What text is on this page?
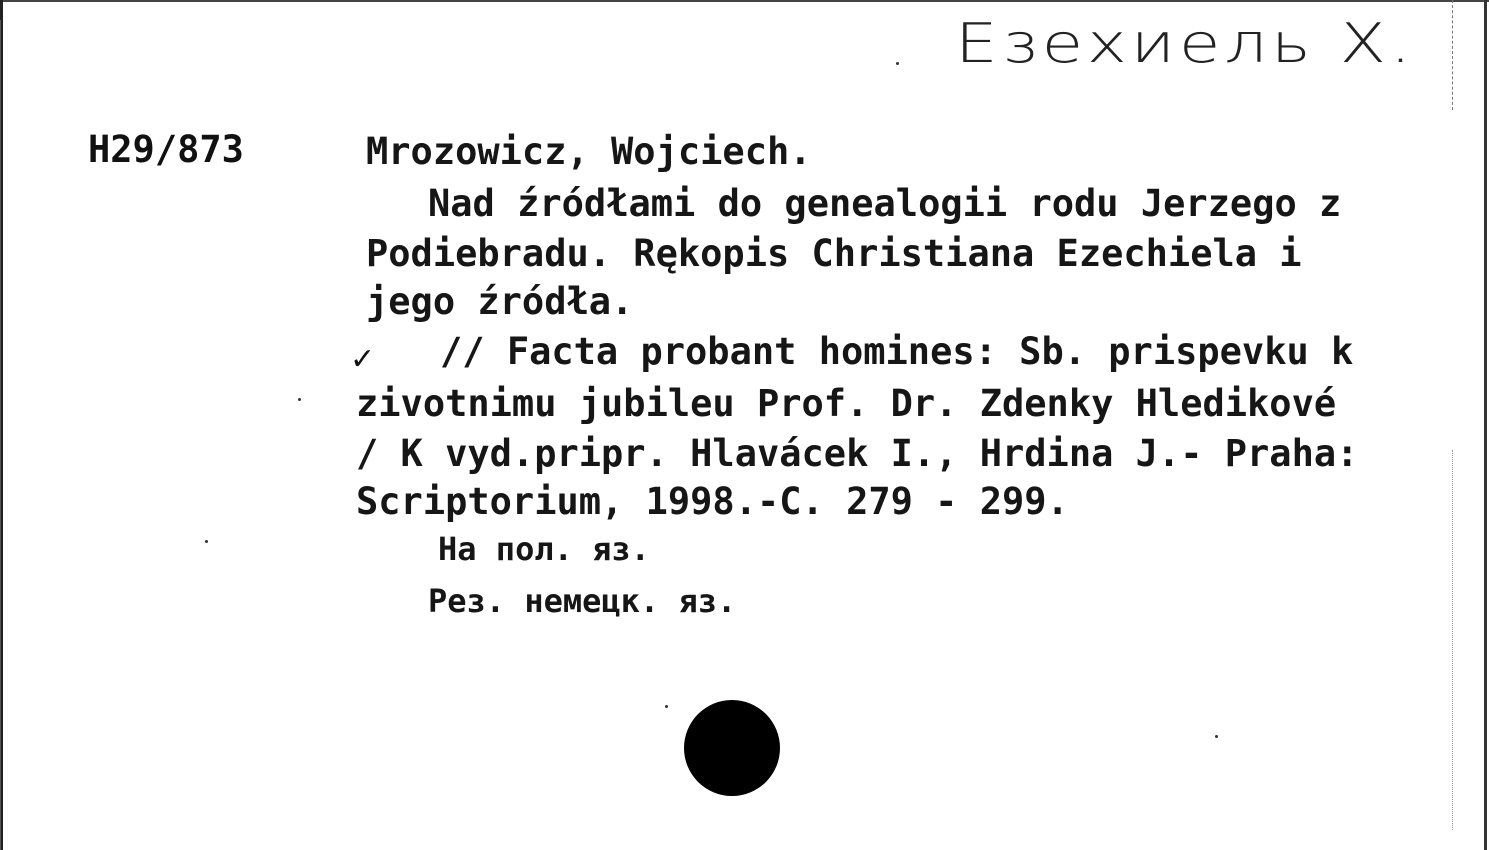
Езехиель Х.
H29/873	Mrozowicz, Wojciech.
Nad źródłami do genealogii rodu Jerzego z
Podiebradu. Rękopis Christiana Ezechiela i
jego źródła.
✓ // Facta probant homines: Sb. prispevku k
zivotnimu jubileu Prof. Dr. Zdenky Hledikové
/ K vyd.pripr. Hlavácek I., Hrdina J.- Praha:
Scriptorium, 1998.-C. 279 - 299.
На пол. яз.
Рез. немецк. яз.
